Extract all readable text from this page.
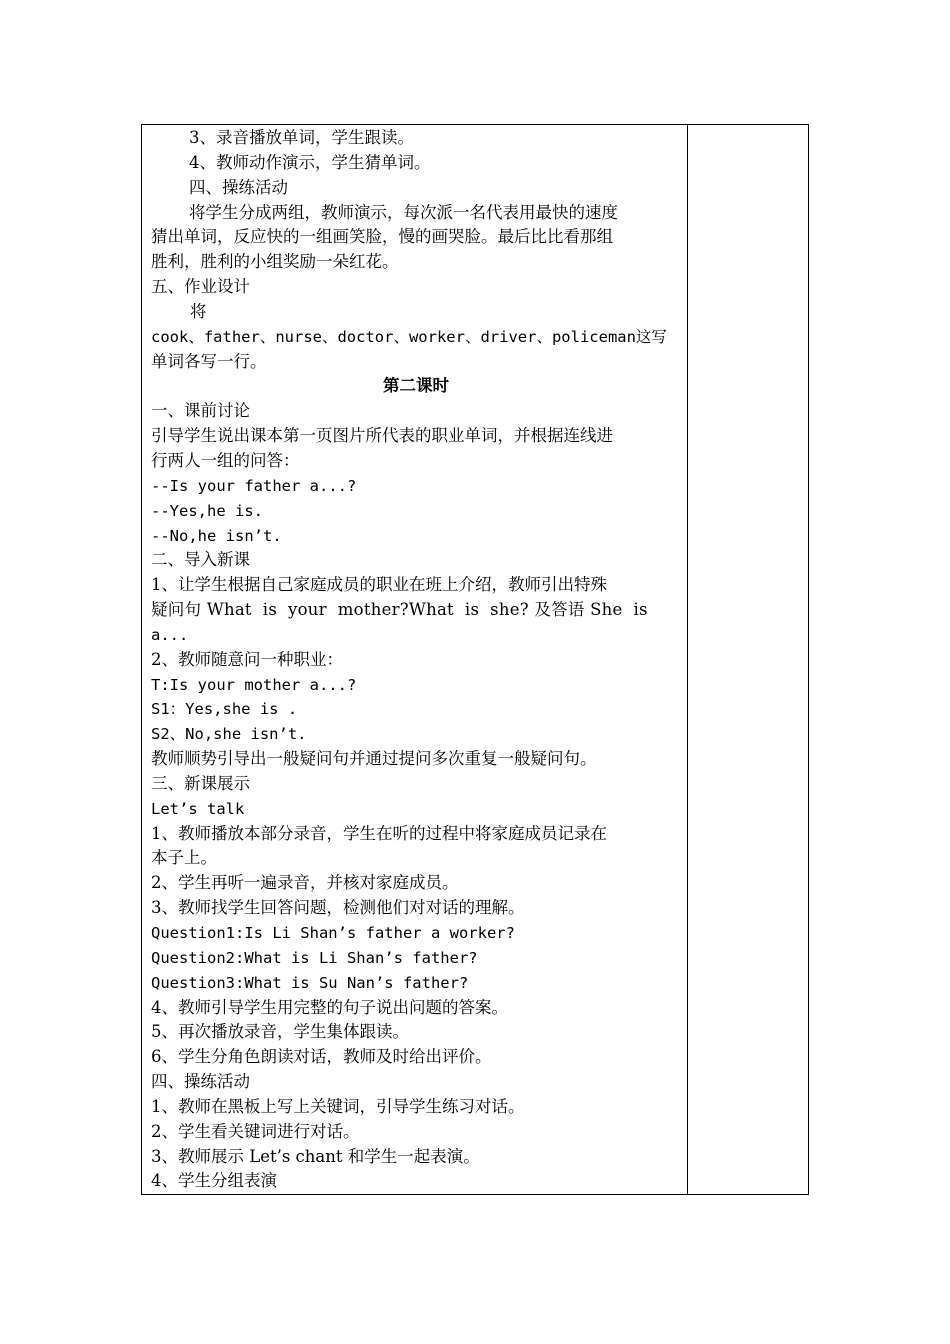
3、录音播放单词，学生跟读。
4、教师动作演示，学生猜单词。
四、操练活动
将学生分成两组，教师演示，每次派一名代表用最快的速度
猜出单词，反应快的一组画笑脸，慢的画哭脸。最后比比看那组
胜利，胜利的小组奖励一朵红花。
五、作业设计
将
cook、father、nurse、doctor、worker、driver、policeman这写
单词各写一行。
第二课时
一、课前讨论
引导学生说出课本第一页图片所代表的职业单词，并根据连线进
行两人一组的问答：
--Is your father a...?
--Yes,he is.
--No,he isn’t.
二、导入新课
1、让学生根据自己家庭成员的职业在班上介绍，教师引出特殊
疑问句 What  is  your  mother?What  is  she? 及答语 She  is
a...
2、教师随意问一种职业：
T:Is your mother a...?
S1：Yes,she is .
S2、No,she isn’t.
教师顺势引导出一般疑问句并通过提问多次重复一般疑问句。
三、新课展示
Let’s talk
1、教师播放本部分录音，学生在听的过程中将家庭成员记录在
本子上。
2、学生再听一遍录音，并核对家庭成员。
3、教师找学生回答问题，检测他们对对话的理解。
Question1:Is Li Shan’s father a worker?
Question2:What is Li Shan’s father?
Question3:What is Su Nan’s father?
4、教师引导学生用完整的句子说出问题的答案。
5、再次播放录音，学生集体跟读。
6、学生分角色朗读对话，教师及时给出评价。
四、操练活动
1、教师在黑板上写上关键词，引导学生练习对话。
2、学生看关键词进行对话。
3、教师展示 Let’s chant 和学生一起表演。
4、学生分组表演
